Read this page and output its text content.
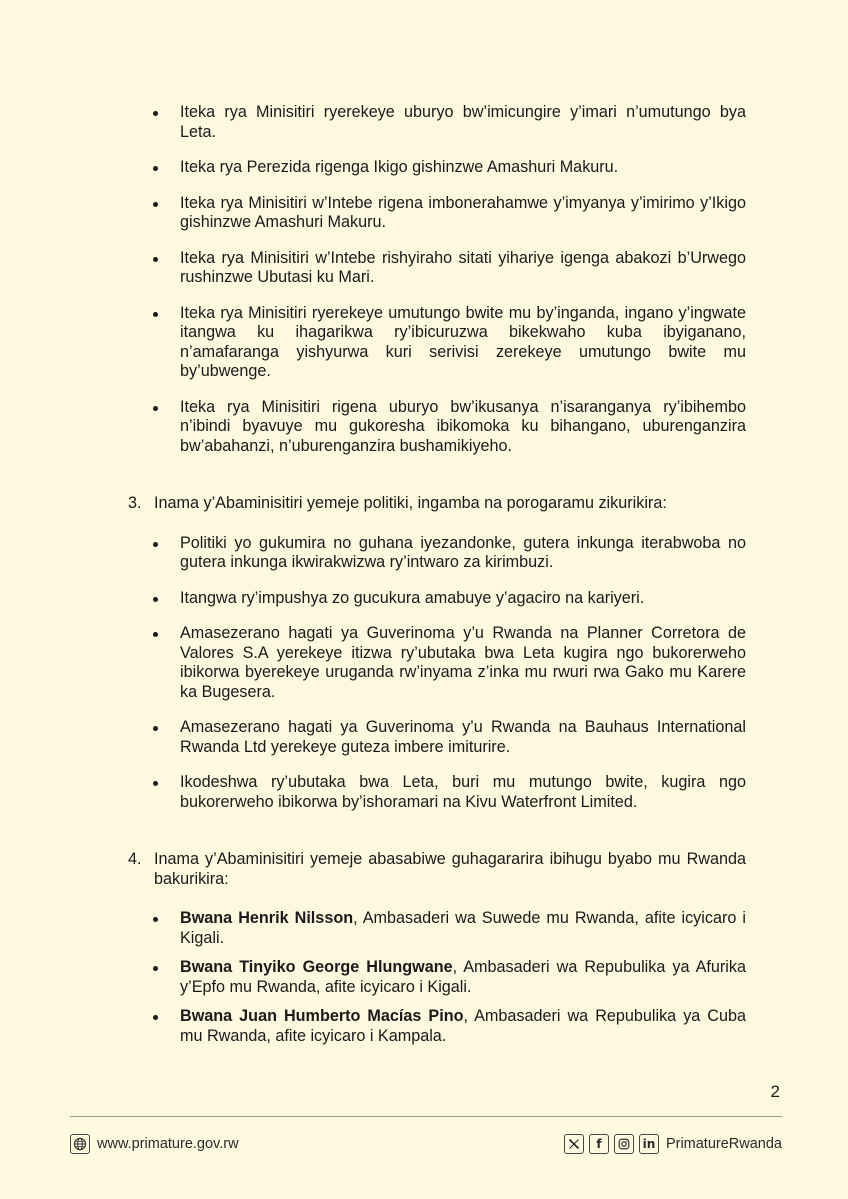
Iteka rya Minisitiri ryerekeye uburyo bw’imicungire y’imari n’umutungo bya Leta.
Iteka rya Perezida rigenga Ikigo gishinzwe Amashuri Makuru.
Iteka rya Minisitiri w’Intebe rigena imbonerahamwe y’imyanya y’imirimo y’Ikigo gishinzwe Amashuri Makuru.
Iteka rya Minisitiri w’Intebe rishyiraho sitati yihariye igenga abakozi b’Urwego rushinzwe Ubutasi ku Mari.
Iteka rya Minisitiri ryerekeye umutungo bwite mu by’inganda, ingano y’ingwate itangwa ku ihagarikwa ry’ibicuruzwa bikekwaho kuba ibyiganano, n’amafaranga yishyurwa kuri serivisi zerekeye umutungo bwite mu by’ubwenge.
Iteka rya Minisitiri rigena uburyo bw’ikusanya n’isaranganya ry’ibihembo n’ibindi byavuye mu gukoresha ibikomoka ku bihangano, uburenganzira bw’abahanzi, n’uburenganzira bushamikiyeho.
3. Inama y’Abaminisitiri yemeje politiki, ingamba na porogaramu zikurikira:
Politiki yo gukumira no guhana iyezandonke, gutera inkunga iterabwoba no gutera inkunga ikwirakwizwa ry’intwaro za kirimbuzi.
Itangwa ry’impushya zo gucukura amabuye y’agaciro na kariyeri.
Amasezerano hagati ya Guverinoma y’u Rwanda na Planner Corretora de Valores S.A yerekeye itizwa ry’ubutaka bwa Leta kugira ngo bukorerweho ibikorwa byerekeye uruganda rw’inyama z’inka mu rwuri rwa Gako mu Karere ka Bugesera.
Amasezerano hagati ya Guverinoma y’u Rwanda na Bauhaus International Rwanda Ltd yerekeye guteza imbere imiturire.
Ikodeshwa ry’ubutaka bwa Leta, buri mu mutungo bwite, kugira ngo bukorerweho ibikorwa by’ishoramari na Kivu Waterfront Limited.
4. Inama y’Abaminisitiri yemeje abasabiwe guhagararira ibihugu byabo mu Rwanda bakurikira:
Bwana Henrik Nilsson, Ambasaderi wa Suwede mu Rwanda, afite icyicaro i Kigali.
Bwana Tinyiko George Hlungwane, Ambasaderi wa Repubulika ya Afurika y’Epfo mu Rwanda, afite icyicaro i Kigali.
Bwana Juan Humberto Macías Pino, Ambasaderi wa Repubulika ya Cuba mu Rwanda, afite icyicaro i Kampala.
2
www.primature.gov.rw	f	in PrimatureRwanda
